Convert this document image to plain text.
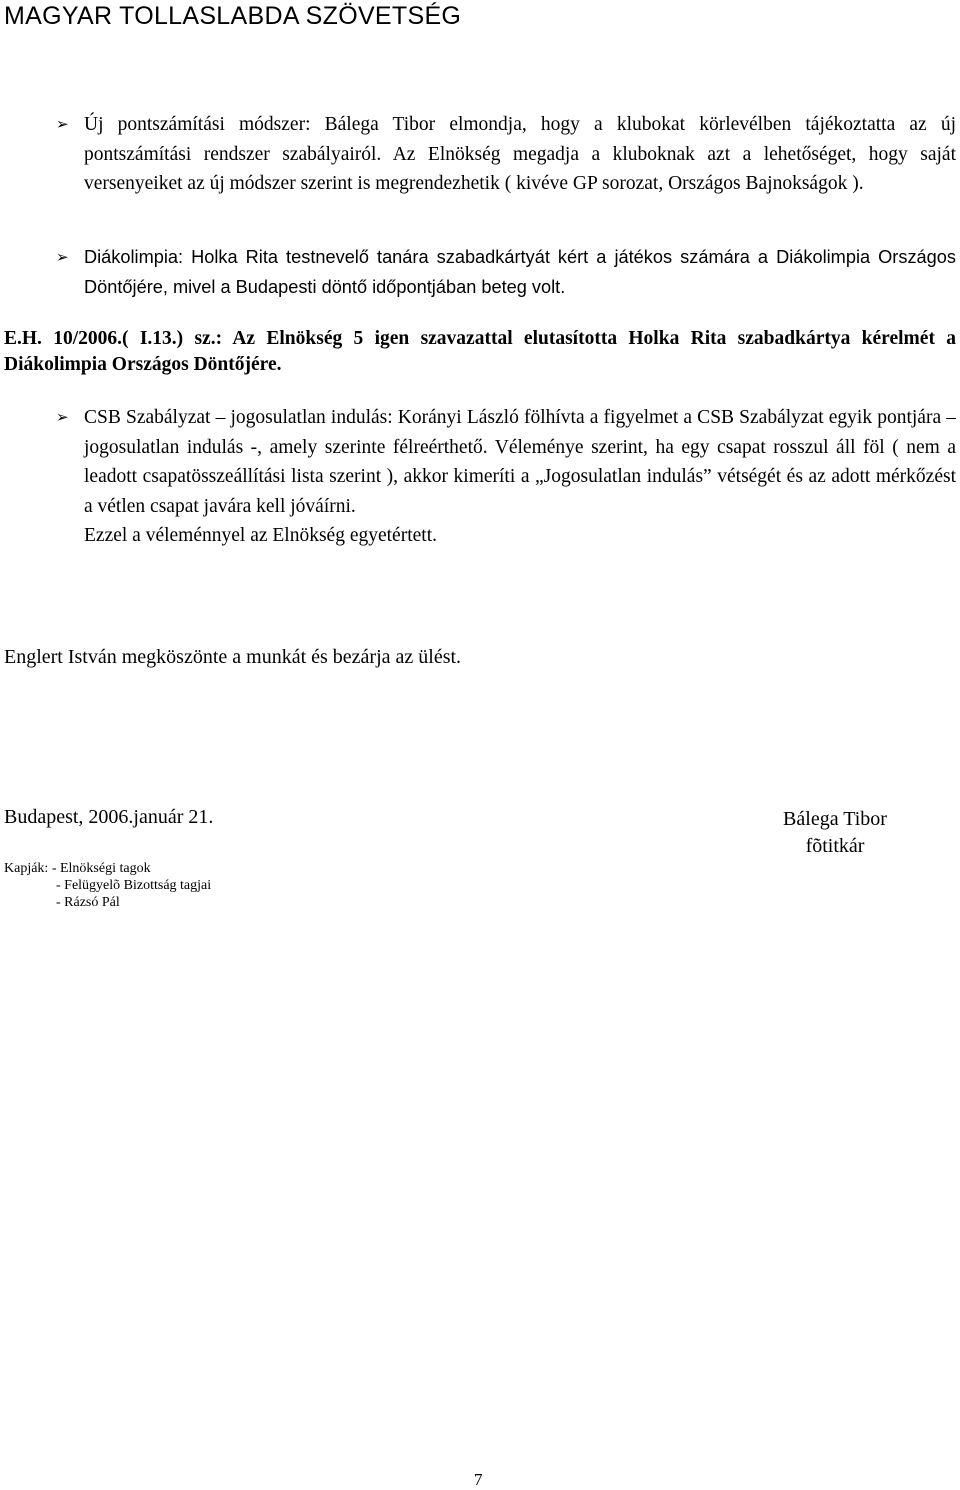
MAGYAR TOLLASLABDA SZÖVETSÉG
➢ Új pontszámítási módszer: Bálega Tibor elmondja, hogy a klubokat körlevélben tájékoztatta az új pontszámítási rendszer szabályairól. Az Elnökség megadja a kluboknak azt a lehetőséget, hogy saját versenyeiket az új módszer szerint is megrendezhetik ( kivéve GP sorozat, Országos Bajnokságok ).
➢ Diákolimpia: Holka Rita testnevelő tanára szabadkártyát kért a játékos számára a Diákolimpia Országos Döntőjére, mivel a Budapesti döntő időpontjában beteg volt.
E.H. 10/2006.( I.13.) sz.: Az Elnökség 5 igen szavazattal elutasította Holka Rita szabadkártya kérelmét a Diákolimpia Országos Döntőjére.
➢ CSB Szabályzat – jogosulatlan indulás: Korányi László fölhívta a figyelmet a CSB Szabályzat egyik pontjára – jogosulatlan indulás -, amely szerinte félreérthető. Véleménye szerint, ha egy csapat rosszul áll föl ( nem a leadott csapatösszeállítási lista szerint ), akkor kimeríti a „Jogosulatlan indulás” vétségét és az adott mérkőzést a vétlen csapat javára kell jóváírni.
Ezzel a véleménnyel az Elnökség egyetértett.
Englert István megköszönte a munkát és bezárja az ülést.
Budapest, 2006.január 21.	Bálega Tibor
fõtitkár
Kapják: - Elnökségi tagok
- Felügyelõ Bizottság tagjai
- Rázsó Pál
7
